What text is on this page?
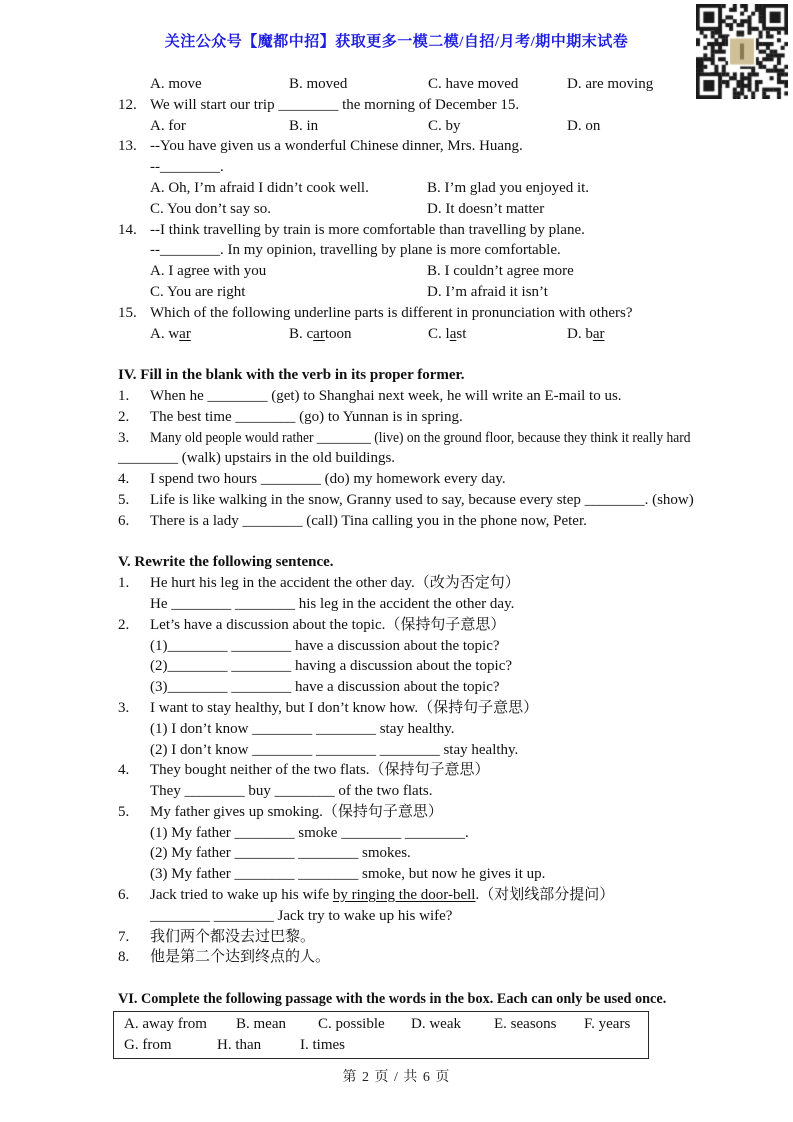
关注公众号【魔都中招】获取更多一模二模/自招/月考/期中期末试卷
A. move	B. moved	C. have moved	D. are moving
12. We will start our trip ________ the morning of December 15.
A. for	B. in	C. by	D. on
13. --You have given us a wonderful Chinese dinner, Mrs. Huang.
--________.
A. Oh, I’m afraid I didn’t cook well.	B. I’m glad you enjoyed it.
C. You don’t say so.	D. It doesn’t matter
14. --I think travelling by train is more comfortable than travelling by plane.
--________. In my opinion, travelling by plane is more comfortable.
A. I agree with you	B. I couldn’t agree more
C. You are right	D. I’m afraid it isn’t
15. Which of the following underline parts is different in pronunciation with others?
A. war	B. cartoon	C. last	D. bar
IV. Fill in the blank with the verb in its proper former.
1. When he ________ (get) to Shanghai next week, he will write an E-mail to us.
2. The best time ________ (go) to Yunnan is in spring.
3. Many old people would rather ________ (live) on the ground floor, because they think it really hard
________ (walk) upstairs in the old buildings.
4. I spend two hours ________ (do) my homework every day.
5. Life is like walking in the snow, Granny used to say, because every step ________. (show)
6. There is a lady ________ (call) Tina calling you in the phone now, Peter.
V. Rewrite the following sentence.
1. He hurt his leg in the accident the other day.（改为否定句）
He ________ ________ his leg in the accident the other day.
2. Let’s have a discussion about the topic.（保持句子意思）
(1)________ ________ have a discussion about the topic?
(2)________ ________ having a discussion about the topic?
(3)________ ________ have a discussion about the topic?
3. I want to stay healthy, but I don’t know how.（保持句子意思）
(1) I don’t know ________ ________ stay healthy.
(2) I don’t know ________ ________ ________ stay healthy.
4. They bought neither of the two flats.（保持句子意思）
They ________ buy ________ of the two flats.
5. My father gives up smoking.（保持句子意思）
(1) My father ________ smoke ________ ________.
(2) My father ________ ________ smokes.
(3) My father ________ ________ smoke, but now he gives it up.
6. Jack tried to wake up his wife by ringing the door-bell.（对划线部分提问）
________ ________ Jack try to wake up his wife?
7. 我们两个都没去过巴黎。
8. 他是第二个达到终点的人。
VI. Complete the following passage with the words in the box. Each can only be used once.
A. away from B. mean C. possible D. weak E. seasons F. years
G. from	H. than	I. times
第 2 页 / 共 6 页
